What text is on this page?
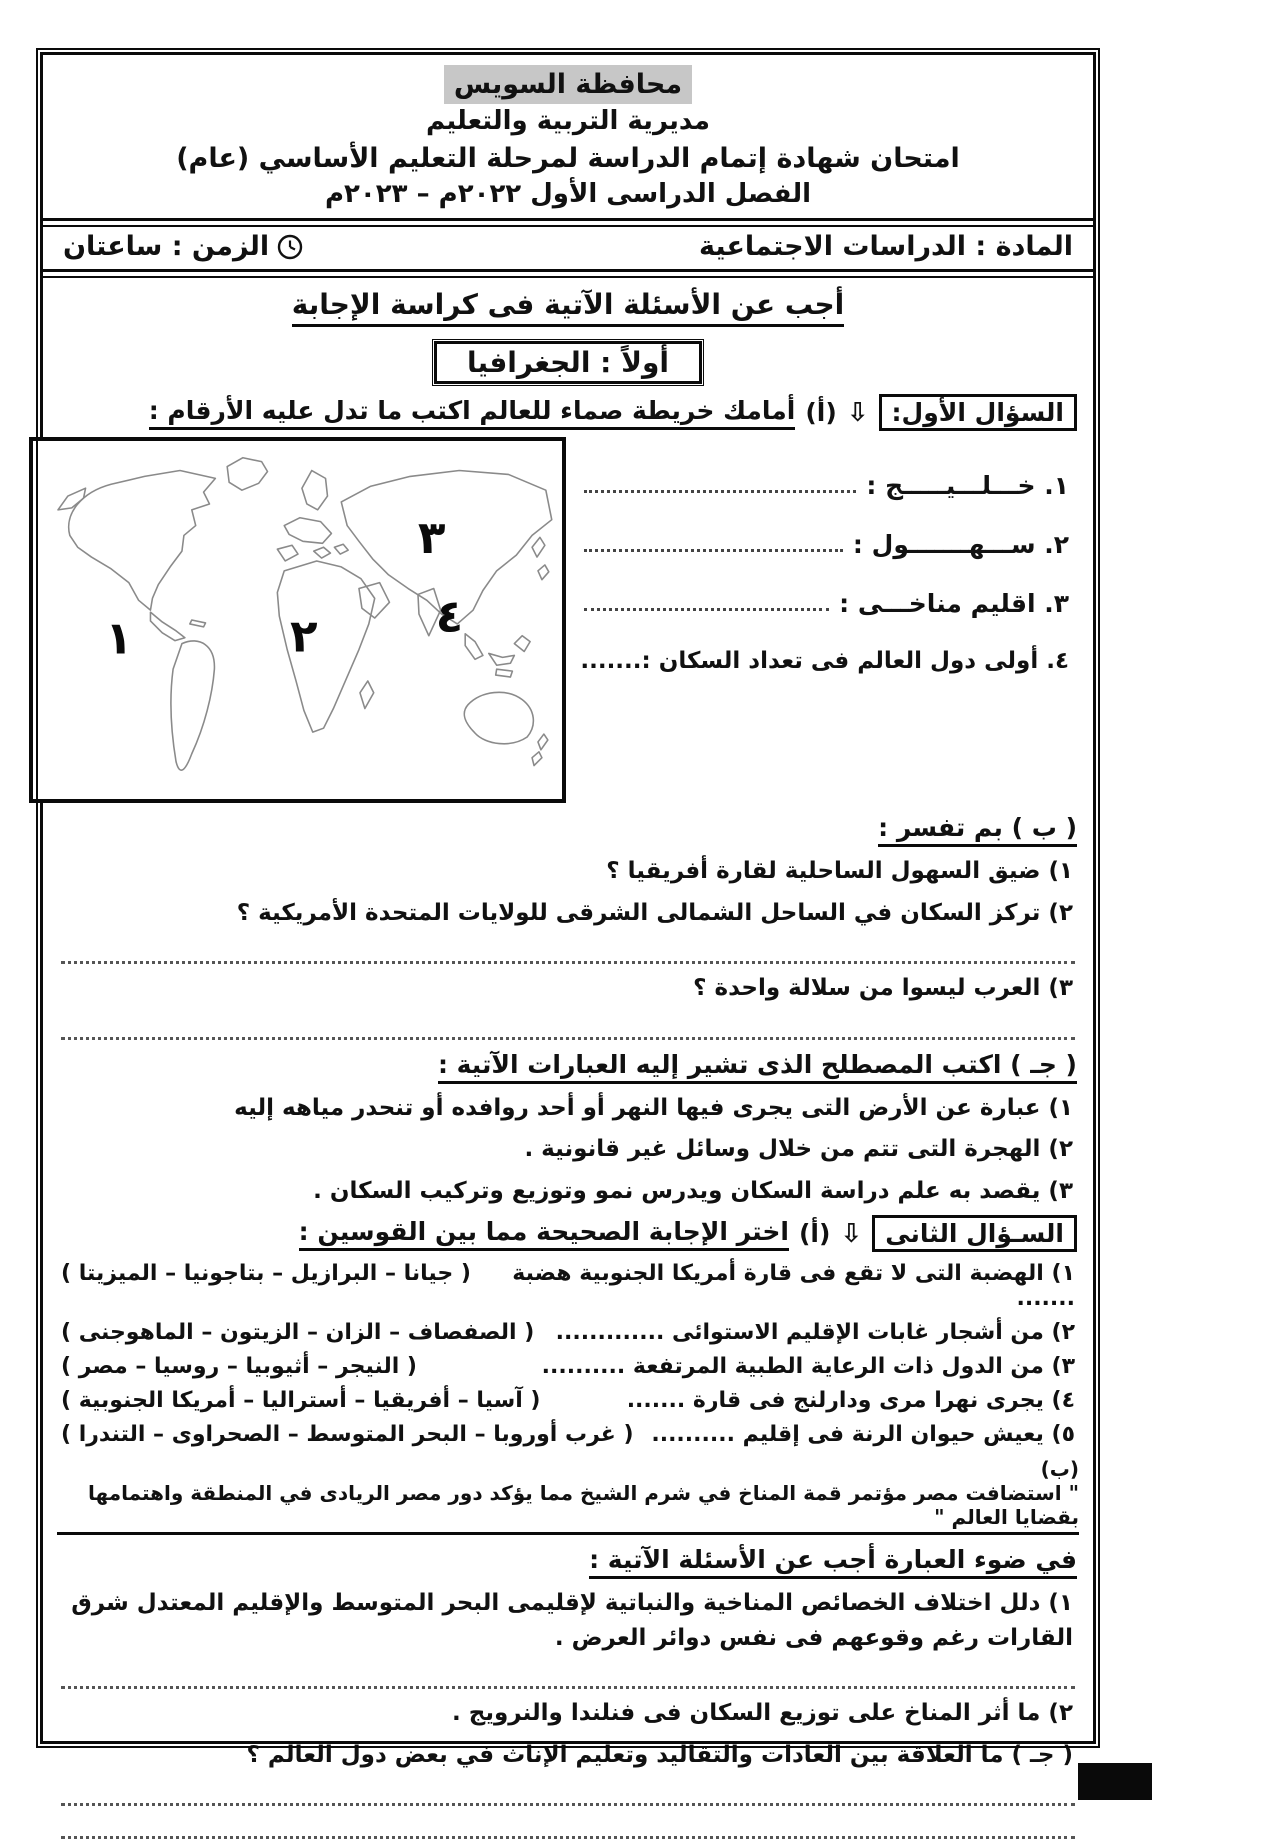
محافظة السويس
مديرية التربية والتعليم
امتحان شهادة إتمام الدراسة لمرحلة التعليم الأساسي (عام)
الفصل الدراسى الأول ٢٠٢٢م – ٢٠٢٣م
المادة : الدراسات الاجتماعية
الزمن : ساعتان
أجب عن الأسئلة الآتية فى كراسة الإجابة
أولاً : الجغرافيا
السؤال الأول:
⇩
(أ)
أمامك خريطة صماء للعالم اكتب ما تدل عليه الأرقام :
١. خـــلـــيـــــج :
٢. ســـهـــــــول :
٣. اقليم مناخـــى :
٤. أولى دول العالم فى تعداد السكان :.......
١	٢
٣
٤
( ب ) بم تفسر :
١) ضيق السهول الساحلية لقارة أفريقيا ؟
٢) تركز السكان في الساحل الشمالى الشرقى للولايات المتحدة الأمريكية ؟
٣) العرب ليسوا من سلالة واحدة ؟
( جـ ) اكتب المصطلح الذى تشير إليه العبارات الآتية :
١) عبارة عن الأرض التى يجرى فيها النهر أو أحد روافده أو تنحدر مياهه إليه
٢) الهجرة التى تتم من خلال وسائل غير قانونية .
٣) يقصد به علم دراسة السكان ويدرس نمو وتوزيع وتركيب السكان .
السـؤال الثانى
⇩
(أ)
اختر الإجابة الصحيحة مما بين القوسين :
١) الهضبة التى لا تقع فى قارة أمريكا الجنوبية هضبة .......
( جيانا – البرازيل – بتاجونيا – الميزيتا )
٢) من أشجار غابات الإقليم الاستوائى .............
( الصفصاف – الزان – الزيتون – الماهوجنى )
٣) من الدول ذات الرعاية الطبية المرتفعة ..........
( النيجر – أثيوبيا – روسيا – مصر )
٤) يجرى نهرا مرى ودارلنج فى قارة .......
( آسيا – أفريقيا – أستراليا – أمريكا الجنوبية )
٥) يعيش حيوان الرنة فى إقليم ..........
( غرب أوروبا – البحر المتوسط – الصحراوى – التندرا )
(ب) " استضافت مصر مؤتمر قمة المناخ في شرم الشيخ مما يؤكد دور مصر الريادى في المنطقة واهتمامها بقضايا العالم "
في ضوء العبارة أجب عن الأسئلة الآتية :
١) دلل اختلاف الخصائص المناخية والنباتية لإقليمى البحر المتوسط والإقليم المعتدل شرق القارات رغم وقوعهم فى نفس دوائر العرض .
٢) ما أثر المناخ على توزيع السكان فى فنلندا والنرويج .
( جـ ) ما العلاقة بين العادات والتقاليد وتعليم الإناث في بعض دول العالم ؟
